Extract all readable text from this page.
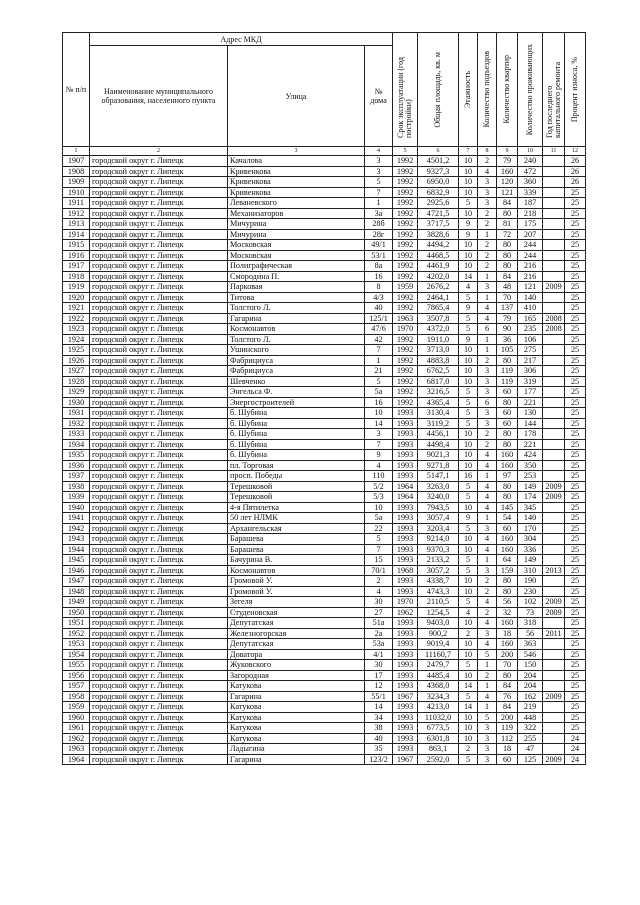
№ п/п	Адрес МКД			Срок эксплуатации (год постройки)	Общая площадь, кв. м	Этажность	Количество подъездов	Количество квартир	Количество проживающих	Год последнего капитального ремонта	Процент износа, %

	Наименование муниципального образования, населенного пункта	Улица	№ дома								
1	2	3	4	5	6	7	8	9	10	11	12
1907	городской округ г. Липецк	Качалова	3	1992	4501,2	10	2	79	240		26
1908	городской округ г. Липецк	Кривенкова	3	1992	9327,3	10	4	160	472		26
1909	городской округ г. Липецк	Кривенкова	5	1992	6950,0	10	3	120	360		26
1910	городской округ г. Липецк	Кривенкова	7	1992	6832,9	10	3	121	339		25
1911	городской округ г. Липецк	Леваневского	1	1992	2925,6	5	3	84	187		25
1912	городской округ г. Липецк	Механизаторов	3а	1992	4721,5	10	2	80	218		25
1913	городской округ г. Липецк	Мичурина	28б	1992	3717,5	9	2	81	175		25
1914	городской округ г. Липецк	Мичурина	28г	1992	3828,6	9	1	72	207		25
1915	городской округ г. Липецк	Московская	49/1	1992	4494,2	10	2	80	244		25
1916	городской округ г. Липецк	Московская	53/1	1992	4468,5	10	2	80	244		25
1917	городской округ г. Липецк	Полиграфическая	8а	1992	4461,9	10	2	80	216		25
1918	городской округ г. Липецк	Смородина П.	16	1992	4202,0	14	1	84	216		25
1919	городской округ г. Липецк	Парковая	8	1959	2676,2	4	3	48	121	2009	25
1920	городской округ г. Липецк	Титова	4/3	1992	2464,1	5	1	70	140		25
1921	городской округ г. Липецк	Толстого Л.	40	1992	7865,4	9	4	137	410		25
1922	городской округ г. Липецк	Гагарина	125/1	1963	3507,8	5	4	79	165	2008	25
1923	городской округ г. Липецк	Космонавтов	47/6	1970	4372,0	5	6	90	235	2008	25
1924	городской округ г. Липецк	Толстого Л.	42	1992	1911,0	9	1	36	106		25
1925	городской округ г. Липецк	Ушинского	7	1992	3713,0	10	1	105	275		25
1926	городской округ г. Липецк	Фабрициуса	1	1992	4883,8	10	2	80	217		25
1927	городской округ г. Липецк	Фабрициуса	21	1992	6762,5	10	3	119	306		25
1928	городской округ г. Липецк	Шевченко	5	1992	6817,0	10	3	119	319		25
1929	городской округ г. Липецк	Энгельса Ф.	5а	1992	3216,5	5	3	60	177		25
1930	городской округ г. Липецк	Энергостроителей	16	1992	4365,4	5	6	80	221		25
1931	городской округ г. Липецк	б. Шубина	10	1993	3130,4	5	3	60	130		25
1932	городской округ г. Липецк	б. Шубина	14	1993	3119,2	5	3	60	144		25
1933	городской округ г. Липецк	б. Шубина	3	1993	4456,1	10	2	80	178		25
1934	городской округ г. Липецк	б. Шубина	7	1993	4498,4	10	2	80	221		25
1935	городской округ г. Липецк	б. Шубина	9	1993	9021,3	10	4	160	424		25
1936	городской округ г. Липецк	пл. Торговая	4	1993	9271,8	10	4	160	350		25
1937	городской округ г. Липецк	просп. Победы	110	1993	5147,1	16	1	97	253		25
1938	городской округ г. Липецк	Терешковой	5/2	1964	3263,0	5	4	80	149	2009	25
1939	городской округ г. Липецк	Терешковой	5/3	1964	3240,0	5	4	80	174	2009	25
1940	городской округ г. Липецк	4-я Пятилетка	10	1993	7943,5	10	4	145	345		25
1941	городской округ г. Липецк	50 лет НЛМК	5а	1993	3057,4	9	1	54	140		25
1942	городской округ г. Липецк	Архангельская	22	1993	3203,4	5	3	60	170		25
1943	городской округ г. Липецк	Барашева	5	1993	9214,0	10	4	160	304		25
1944	городской округ г. Липецк	Барашева	7	1993	9370,3	10	4	160	336		25
1945	городской округ г. Липецк	Бачурина В.	15	1993	2133,2	5	1	64	149		25
1946	городской округ г. Липецк	Космонавтов	70/1	1968	3057,2	5	3	159	310	2013	25
1947	городской округ г. Липецк	Громовой У.	2	1993	4338,7	10	2	80	190		25
1948	городской округ г. Липецк	Громовой У.	4	1993	4743,3	10	2	80	230		25
1949	городской округ г. Липецк	Зегеля	30	1970	2110,5	5	4	56	102	2009	25
1950	городской округ г. Липецк	Студеновская	27	1962	1254,5	4	2	32	73	2009	25
1951	городской округ г. Липецк	Депутатская	51а	1993	9403,0	10	4	160	318		25
1952	городской округ г. Липецк	Железногорская	2а	1993	900,2	2	3	18	56	2011	25
1953	городской округ г. Липецк	Депутатская	53а	1993	9019,4	10	4	160	363		25
1954	городской округ г. Липецк	Доватора	4/1	1993	11160,7	10	5	200	546		25
1955	городской округ г. Липецк	Жуковского	30	1993	2479,7	5	1	70	150		25
1956	городской округ г. Липецк	Загородная	17	1993	4485,4	10	2	80	204		25
1957	городской округ г. Липецк	Катукова	12	1993	4368,0	14	1	84	204		25
1958	городской округ г. Липецк	Гагарина	55/1	1967	3234,3	5	4	76	162	2009	25
1959	городской округ г. Липецк	Катукова	14	1993	4213,0	14	1	84	219		25
1960	городской округ г. Липецк	Катукова	34	1993	11032,0	10	5	200	448		25
1961	городской округ г. Липецк	Катукова	38	1993	6773,5	10	3	119	322		25
1962	городской округ г. Липецк	Катукова	40	1993	6301,8	10	3	112	255		24
1963	городской округ г. Липецк	Ладыгина	35	1993	863,1	2	3	18	47		24
1964	городской округ г. Липецк	Гагарина	123/2	1967	2592,0	5	3	60	125	2009	24
